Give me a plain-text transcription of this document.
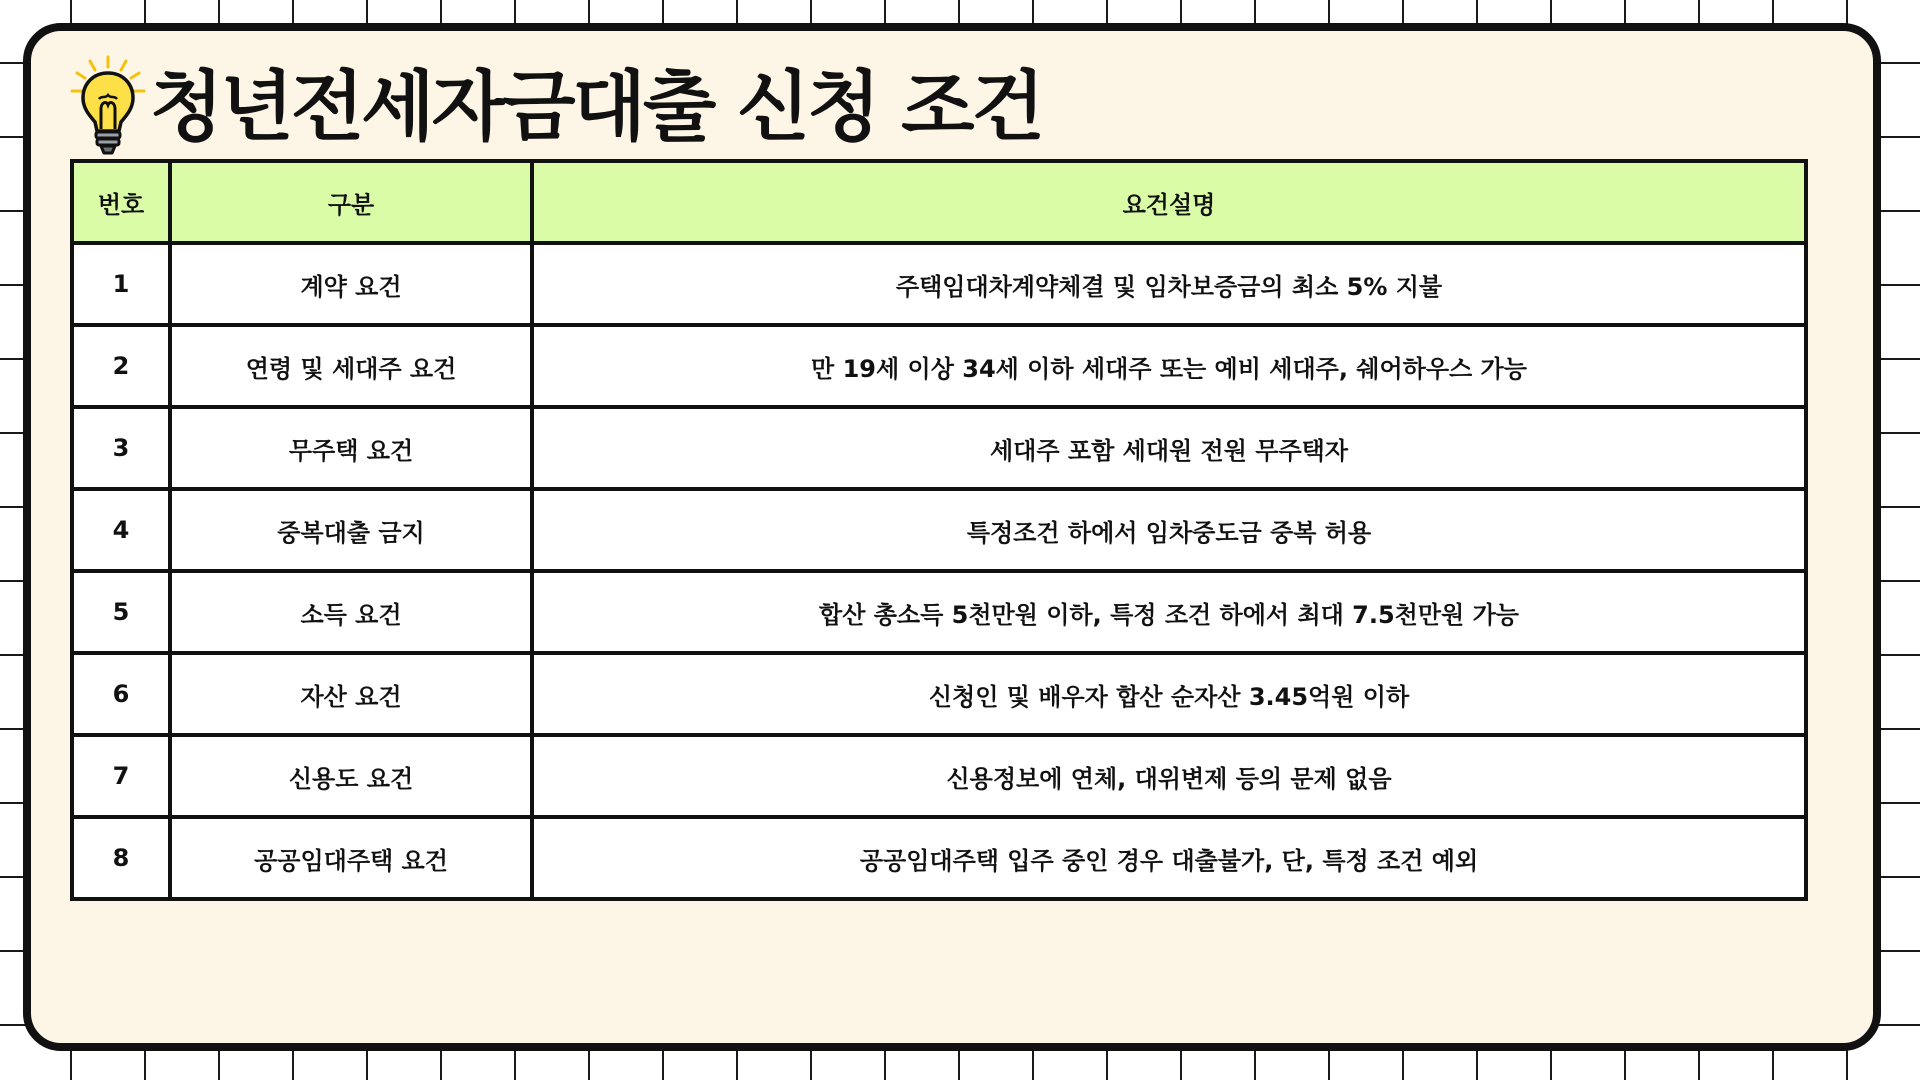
청년전세자금대출 신청 조건
번호	구분	요건설명
1	계약 요건	주택임대차계약체결 및 임차보증금의 최소 5% 지불
2	연령 및 세대주 요건	만 19세 이상 34세 이하 세대주 또는 예비 세대주, 쉐어하우스 가능
3	무주택 요건	세대주 포함 세대원 전원 무주택자
4	중복대출 금지	특정조건 하에서 임차중도금 중복 허용
5	소득 요건	합산 총소득 5천만원 이하, 특정 조건 하에서 최대 7.5천만원 가능
6	자산 요건	신청인 및 배우자 합산 순자산 3.45억원 이하
7	신용도 요건	신용정보에 연체, 대위변제 등의 문제 없음
8	공공임대주택 요건	공공임대주택 입주 중인 경우 대출불가, 단, 특정 조건 예외
